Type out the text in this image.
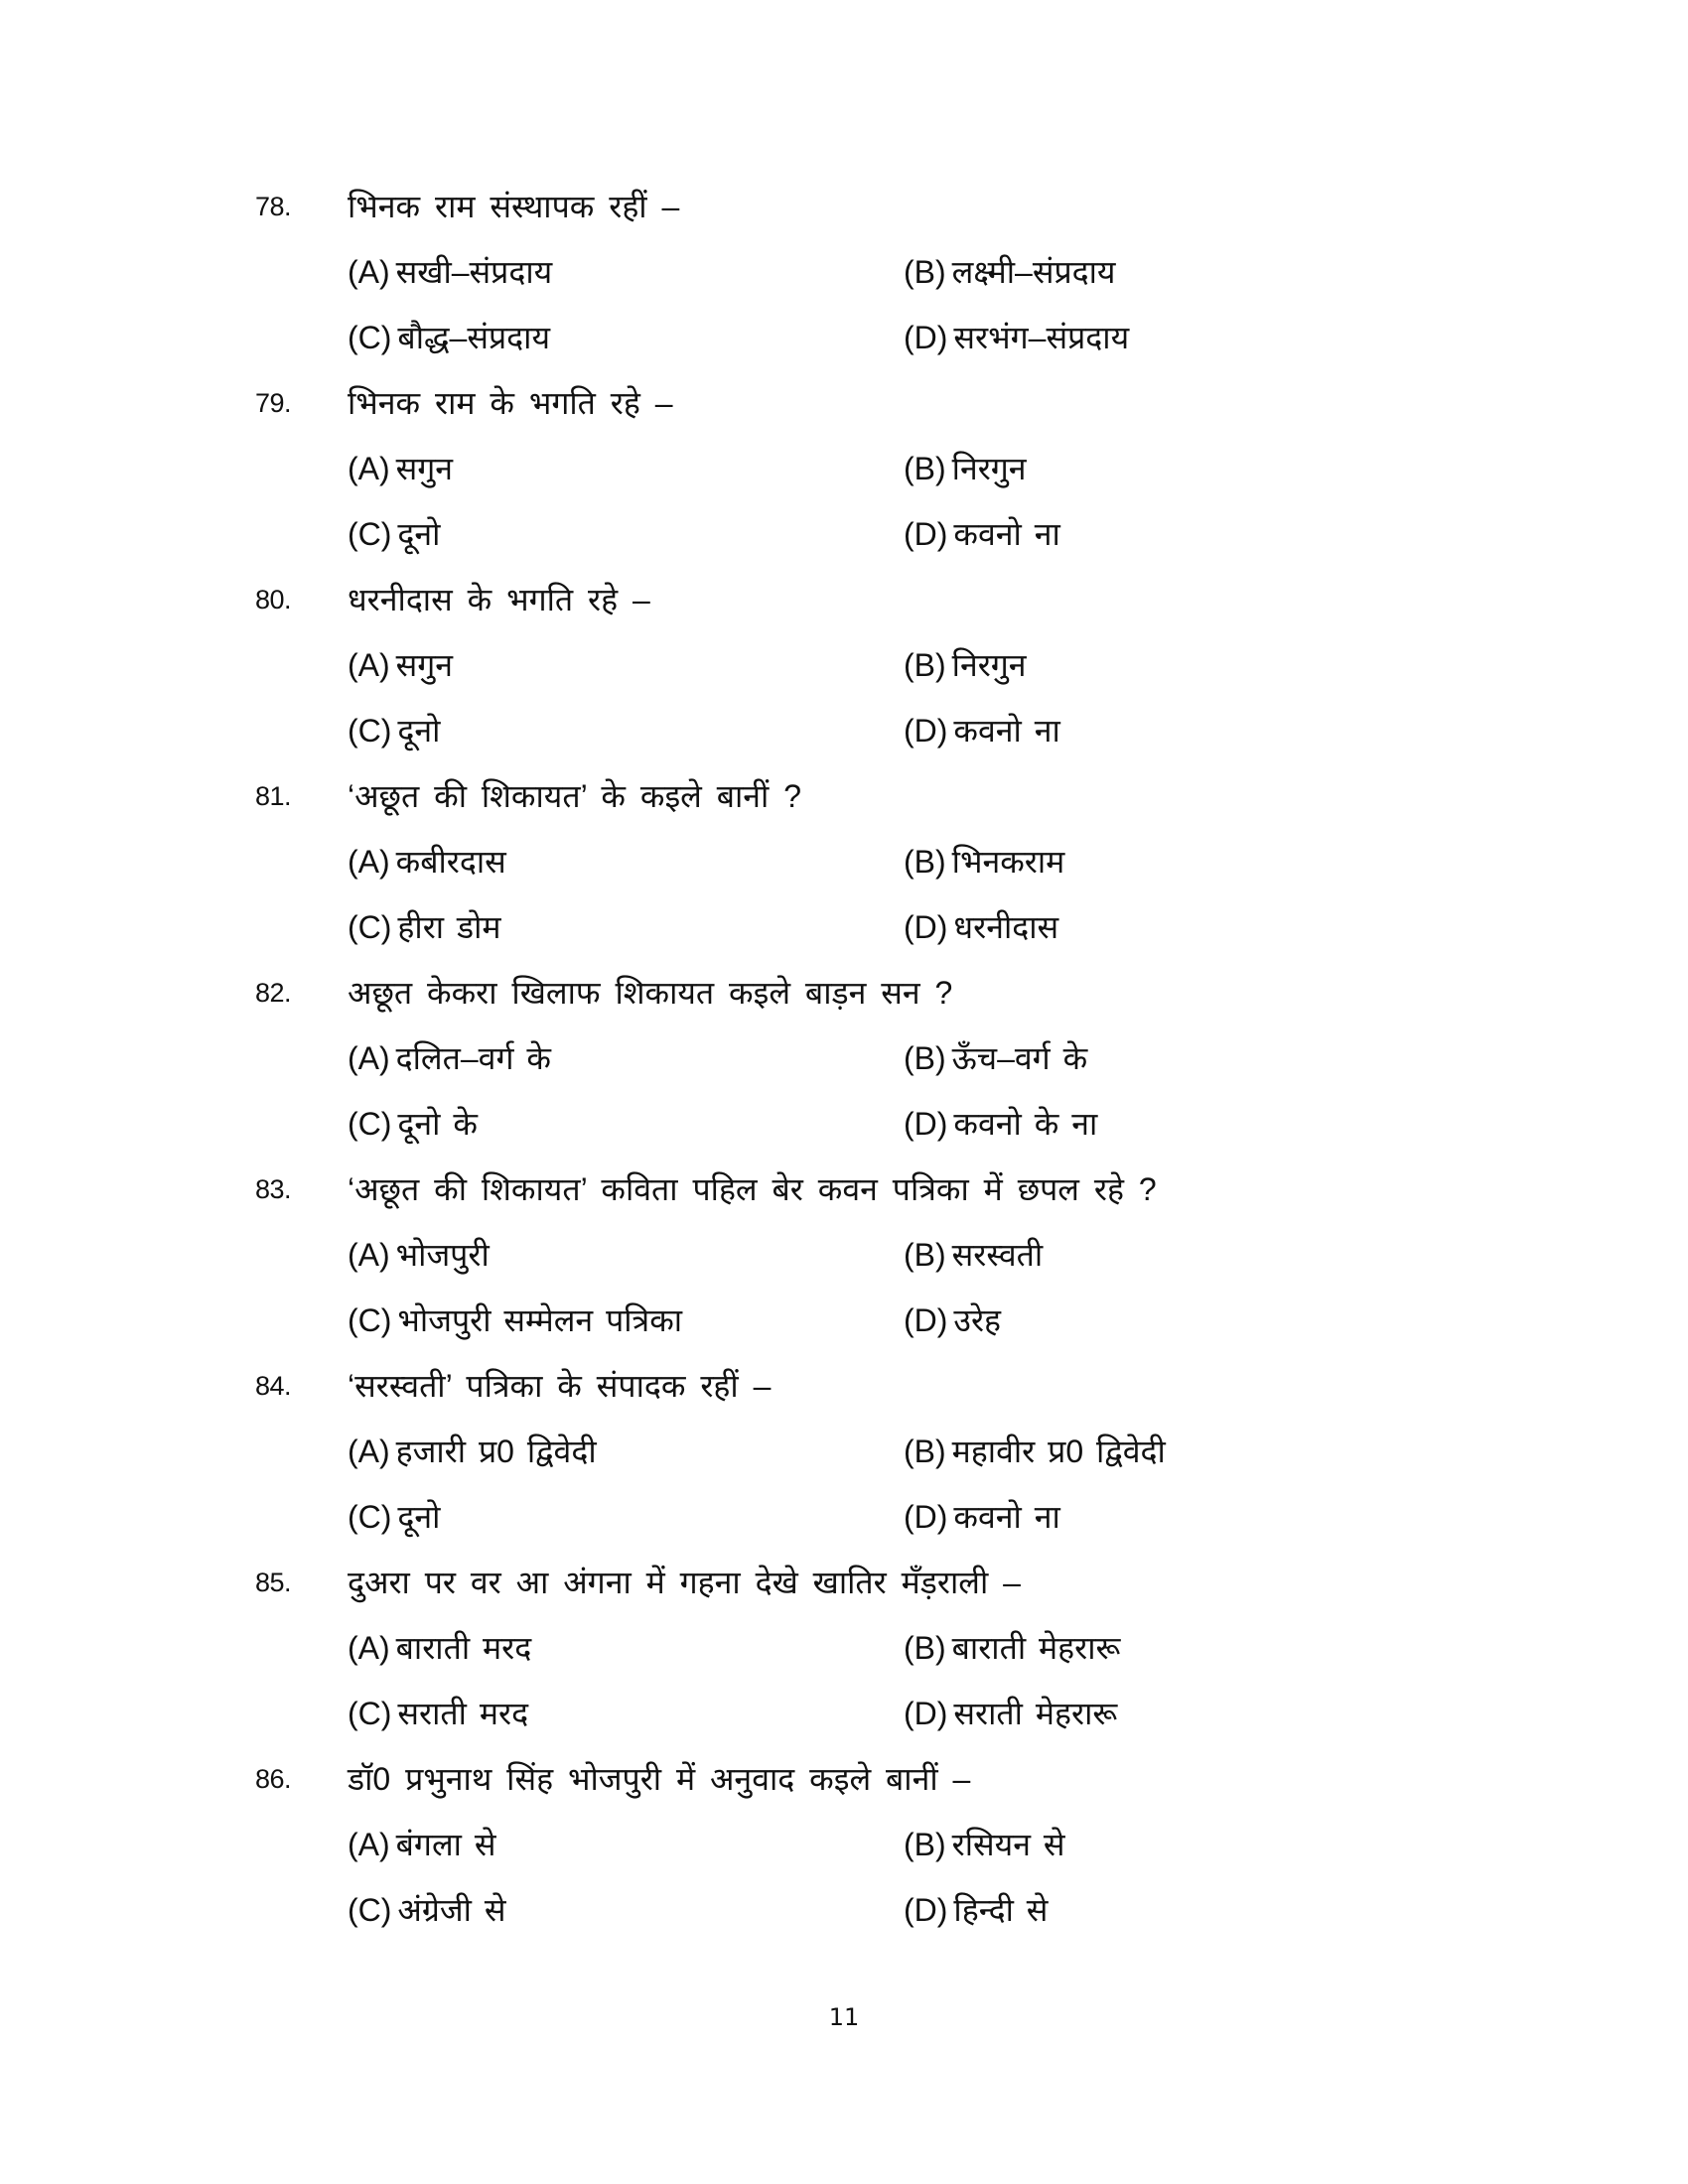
78. भिनक राम संस्थापक रहीं –
(A) सखी–संप्रदाय	(B) लक्ष्मी–संप्रदाय
(C) बौद्ध–संप्रदाय	(D) सरभंग–संप्रदाय
79. भिनक राम के भगति रहे –
(A) सगुन	(B) निरगुन
(C) दूनो	(D) कवनो ना
80. धरनीदास के भगति रहे –
(A) सगुन	(B) निरगुन
(C) दूनो	(D) कवनो ना
81. ‘अछूत की शिकायत’ के कइले बानीं ?
(A) कबीरदास	(B) भिनकराम
(C) हीरा डोम	(D) धरनीदास
82. अछूत केकरा खिलाफ शिकायत कइले बाड़न सन ?
(A) दलित–वर्ग के	(B) ऊँच–वर्ग के
(C) दूनो के	(D) कवनो के ना
83. ‘अछूत की शिकायत’ कविता पहिल बेर कवन पत्रिका में छपल रहे ?
(A) भोजपुरी	(B) सरस्वती
(C) भोजपुरी सम्मेलन पत्रिका	(D) उरेह
84. ‘सरस्वती’ पत्रिका के संपादक रहीं –
(A) हजारी प्र0 द्विवेदी	(B) महावीर प्र0 द्विवेदी
(C) दूनो	(D) कवनो ना
85. दुअरा पर वर आ अंगना में गहना देखे खातिर मँड़राली –
(A) बाराती मरद	(B) बाराती मेहरारू
(C) सराती मरद	(D) सराती मेहरारू
86. डॉ0 प्रभुनाथ सिंह भोजपुरी में अनुवाद कइले बानीं –
(A) बंगला से	(B) रसियन से
(C) अंग्रेजी से	(D) हिन्दी से
11
